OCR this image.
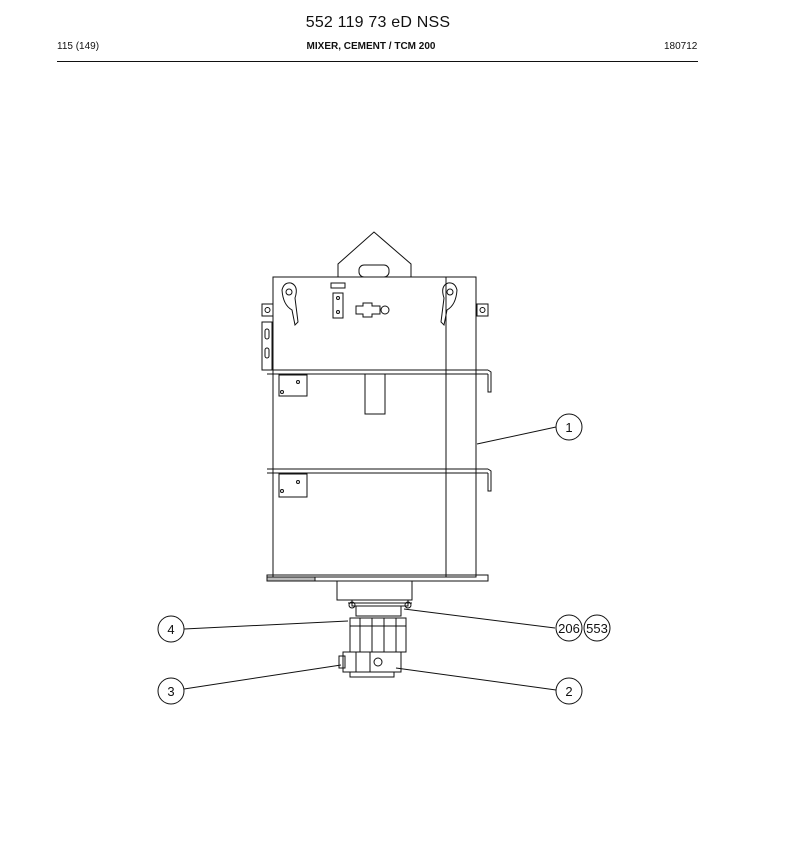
552 119 73 eD NSS
115 (149)	MIXER, CEMENT / TCM 200	180712
1
4	206 553
3	2
